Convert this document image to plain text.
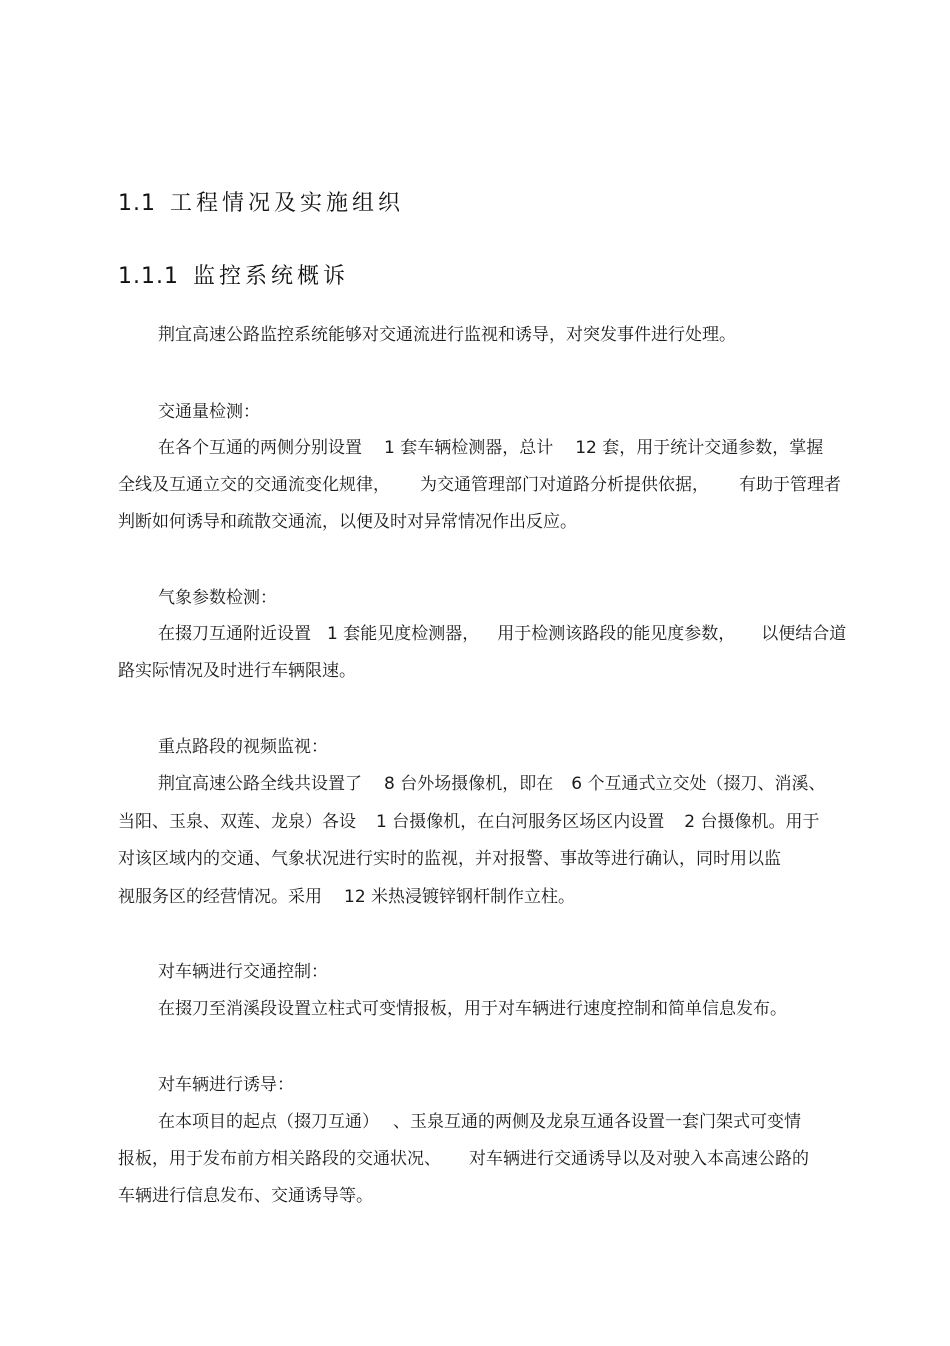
1.1 工程情况及实施组织
1.1.1 监控系统概诉
荆宜高速公路监控系统能够对交通流进行监视和诱导，对突发事件进行处理。
交通量检测：
在各个互通的两侧分别设置 1 套车辆检测器，总计 12 套，用于统计交通参数，掌握
全线及互通立交的交通流变化规律， 为交通管理部门对道路分析提供依据， 有助于管理者
判断如何诱导和疏散交通流，以便及时对异常情况作出反应。
气象参数检测：
在掇刀互通附近设置 1 套能见度检测器， 用于检测该路段的能见度参数， 以便结合道
路实际情况及时进行车辆限速。
重点路段的视频监视：
荆宜高速公路全线共设置了 8 台外场摄像机，即在 6 个互通式立交处（掇刀、消溪、
当阳、玉泉、双莲、龙泉）各设 1 台摄像机，在白河服务区场区内设置 2 台摄像机。用于
对该区域内的交通、气象状况进行实时的监视，并对报警、事故等进行确认，同时用以监
视服务区的经营情况。采用 12 米热浸镀锌钢杆制作立柱。
对车辆进行交通控制：
在掇刀至消溪段设置立柱式可变情报板，用于对车辆进行速度控制和简单信息发布。
对车辆进行诱导：
在本项目的起点（掇刀互通） 、玉泉互通的两侧及龙泉互通各设置一套门架式可变情
报板，用于发布前方相关路段的交通状况、 对车辆进行交通诱导以及对驶入本高速公路的
车辆进行信息发布、交通诱导等。
